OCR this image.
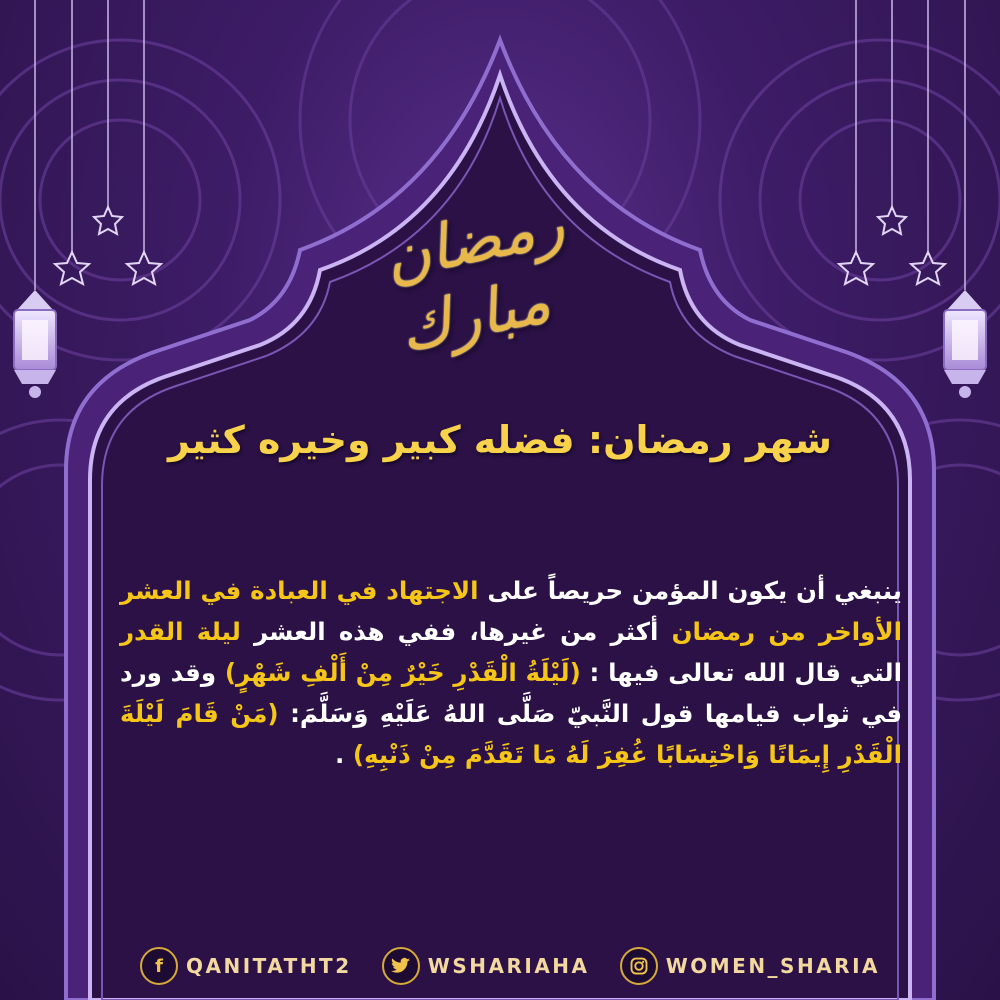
رمضان مبارك
شهر رمضان: فضله كبير وخيره كثير
ينبغي أن يكون المؤمن حريصاً على الاجتهاد في العبادة في العشر الأواخر من رمضان أكثر من غيرها، ففي هذه العشر ليلة القدر التي قال الله تعالى فيها : (لَيْلَةُ الْقَدْرِ خَيْرٌ مِنْ أَلْفِ شَهْرٍ) وقد ورد في ثواب قيامها قول النَّبيّ صَلَّى اللهُ عَلَيْهِ وَسَلَّمَ: (مَنْ قَامَ لَيْلَةَ الْقَدْرِ إِيمَانًا وَاحْتِسَابًا غُفِرَ لَهُ مَا تَقَدَّمَ مِنْ ذَنْبِهِ) .
f	QANITATHT2	WSHARIAHA	WOMEN_SHARIA
